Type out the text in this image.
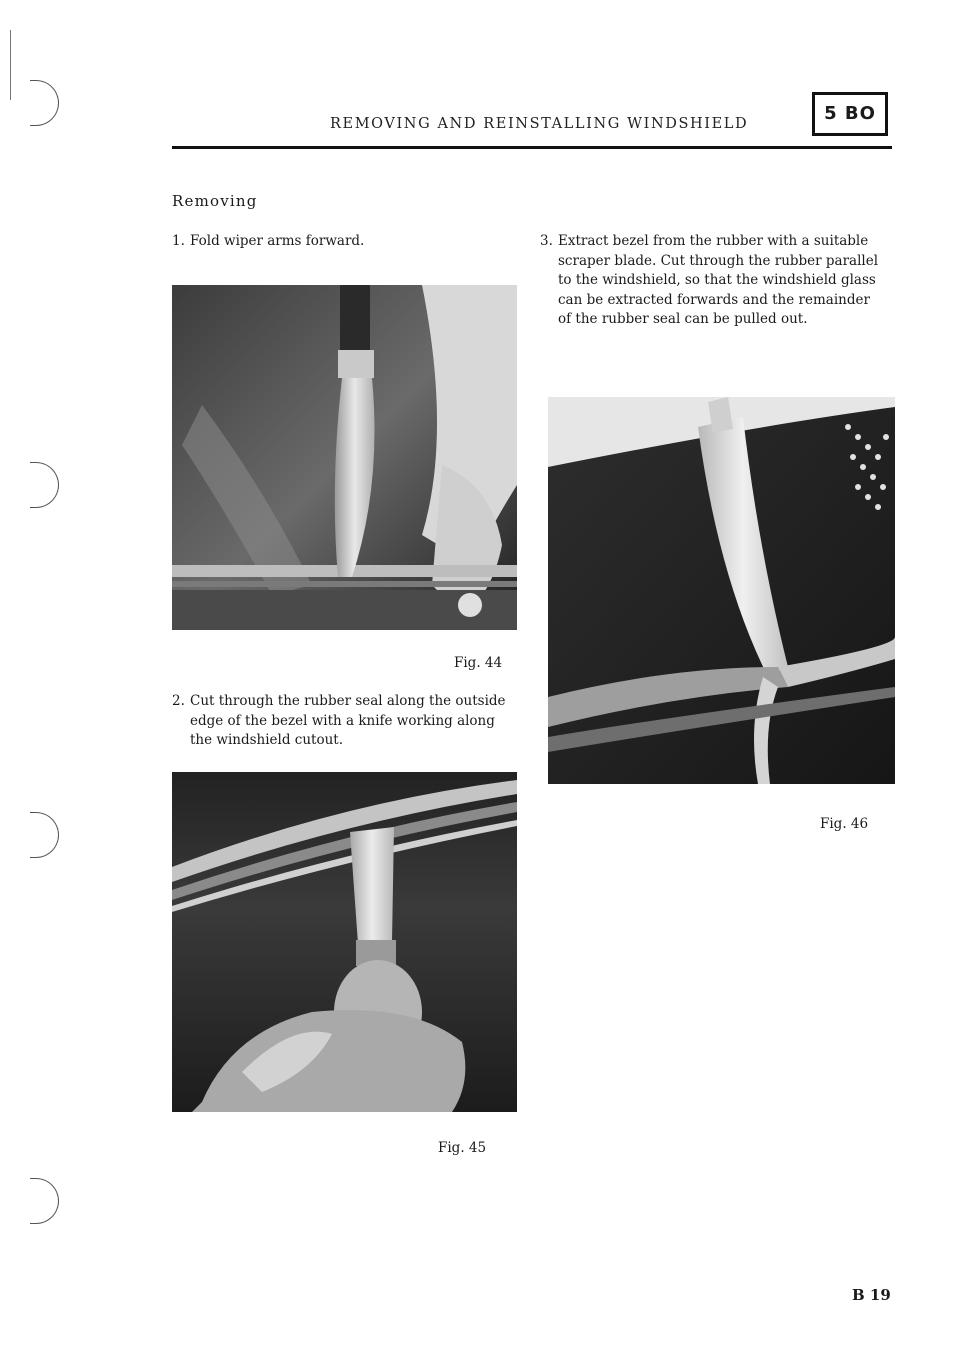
REMOVING AND REINSTALLING WINDSHIELD	5 BO
Removing
1. Fold wiper arms forward.
Fig. 44
2. Cut through the rubber seal along the outside
edge of the bezel with a knife working along
the windshield cutout.
Fig. 45
3. Extract bezel from the rubber with a suitable
scraper blade. Cut through the rubber parallel
to the windshield, so that the windshield glass
can be extracted forwards and the remainder
of the rubber seal can be pulled out.
Fig. 46
B 19
